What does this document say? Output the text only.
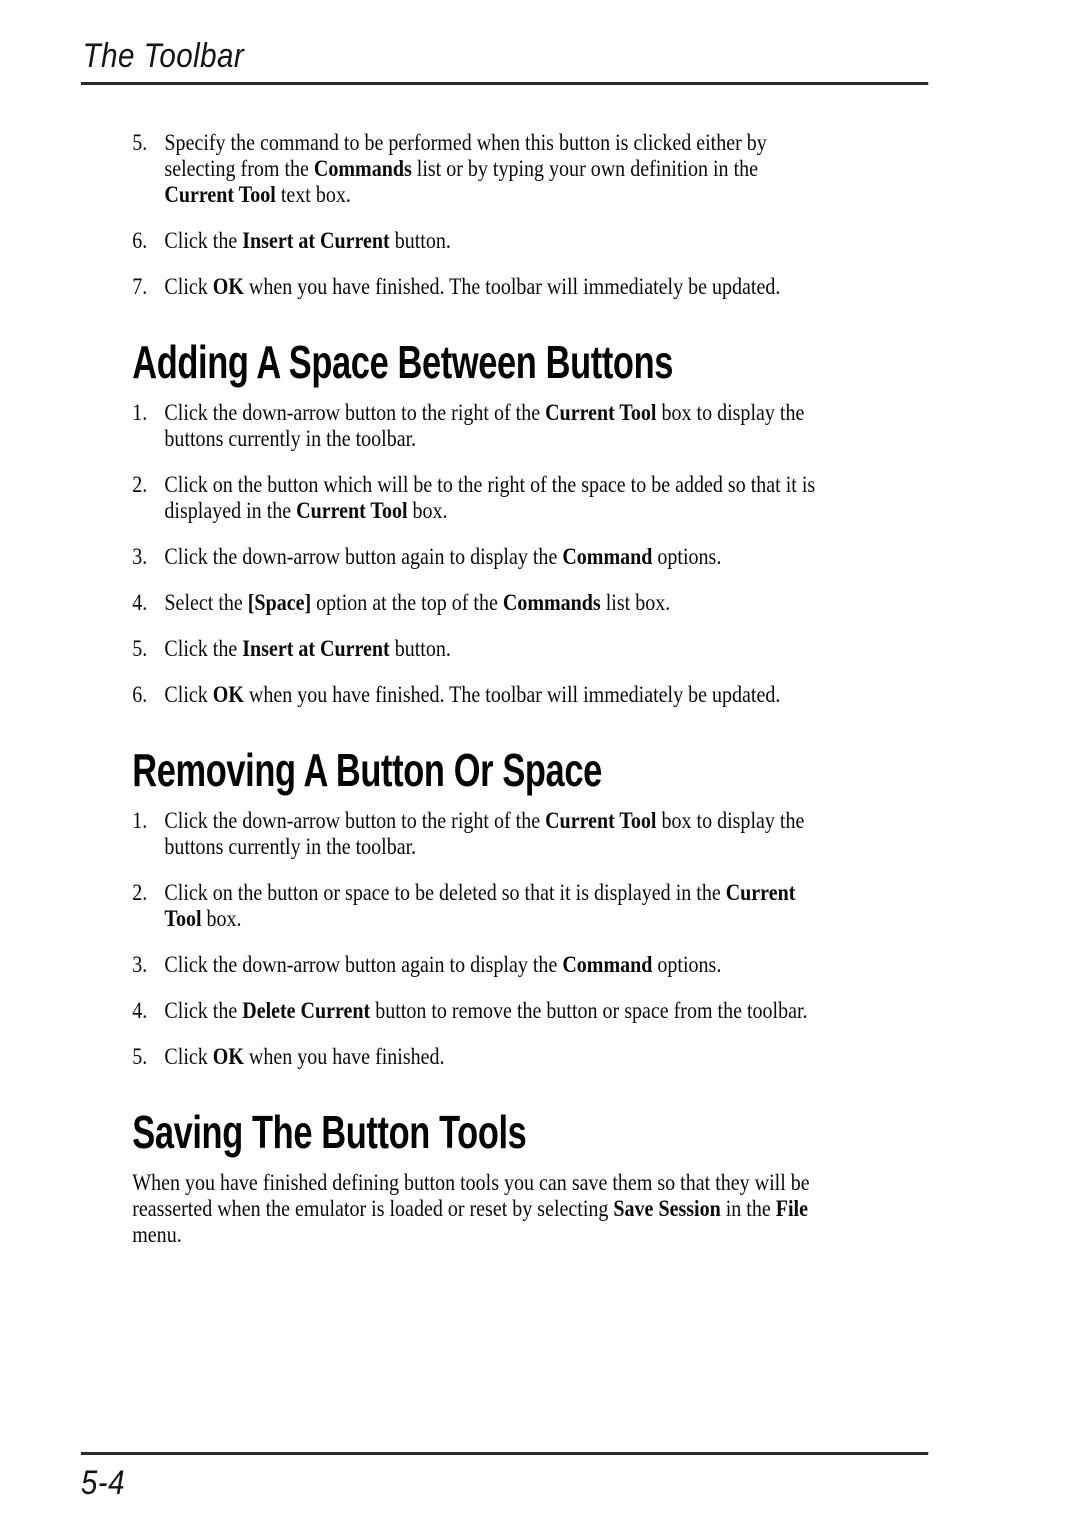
The Toolbar
5. Specify the command to be performed when this button is clicked either by
selecting from the Commands list or by typing your own definition in the
Current Tool text box.
6. Click the Insert at Current button.
7. Click OK when you have finished. The toolbar will immediately be updated.
Adding A Space Between Buttons
1. Click the down-arrow button to the right of the Current Tool box to display the
buttons currently in the toolbar.
2. Click on the button which will be to the right of the space to be added so that it is
displayed in the Current Tool box.
3. Click the down-arrow button again to display the Command options.
4. Select the [Space] option at the top of the Commands list box.
5. Click the Insert at Current button.
6. Click OK when you have finished. The toolbar will immediately be updated.
Removing A Button Or Space
1. Click the down-arrow button to the right of the Current Tool box to display the
buttons currently in the toolbar.
2. Click on the button or space to be deleted so that it is displayed in the Current
Tool box.
3. Click the down-arrow button again to display the Command options.
4. Click the Delete Current button to remove the button or space from the toolbar.
5. Click OK when you have finished.
Saving The Button Tools

When you have finished defining button tools you can save them so that they will be
reasserted when the emulator is loaded or reset by selecting Save Session in the File
menu.

5-4
